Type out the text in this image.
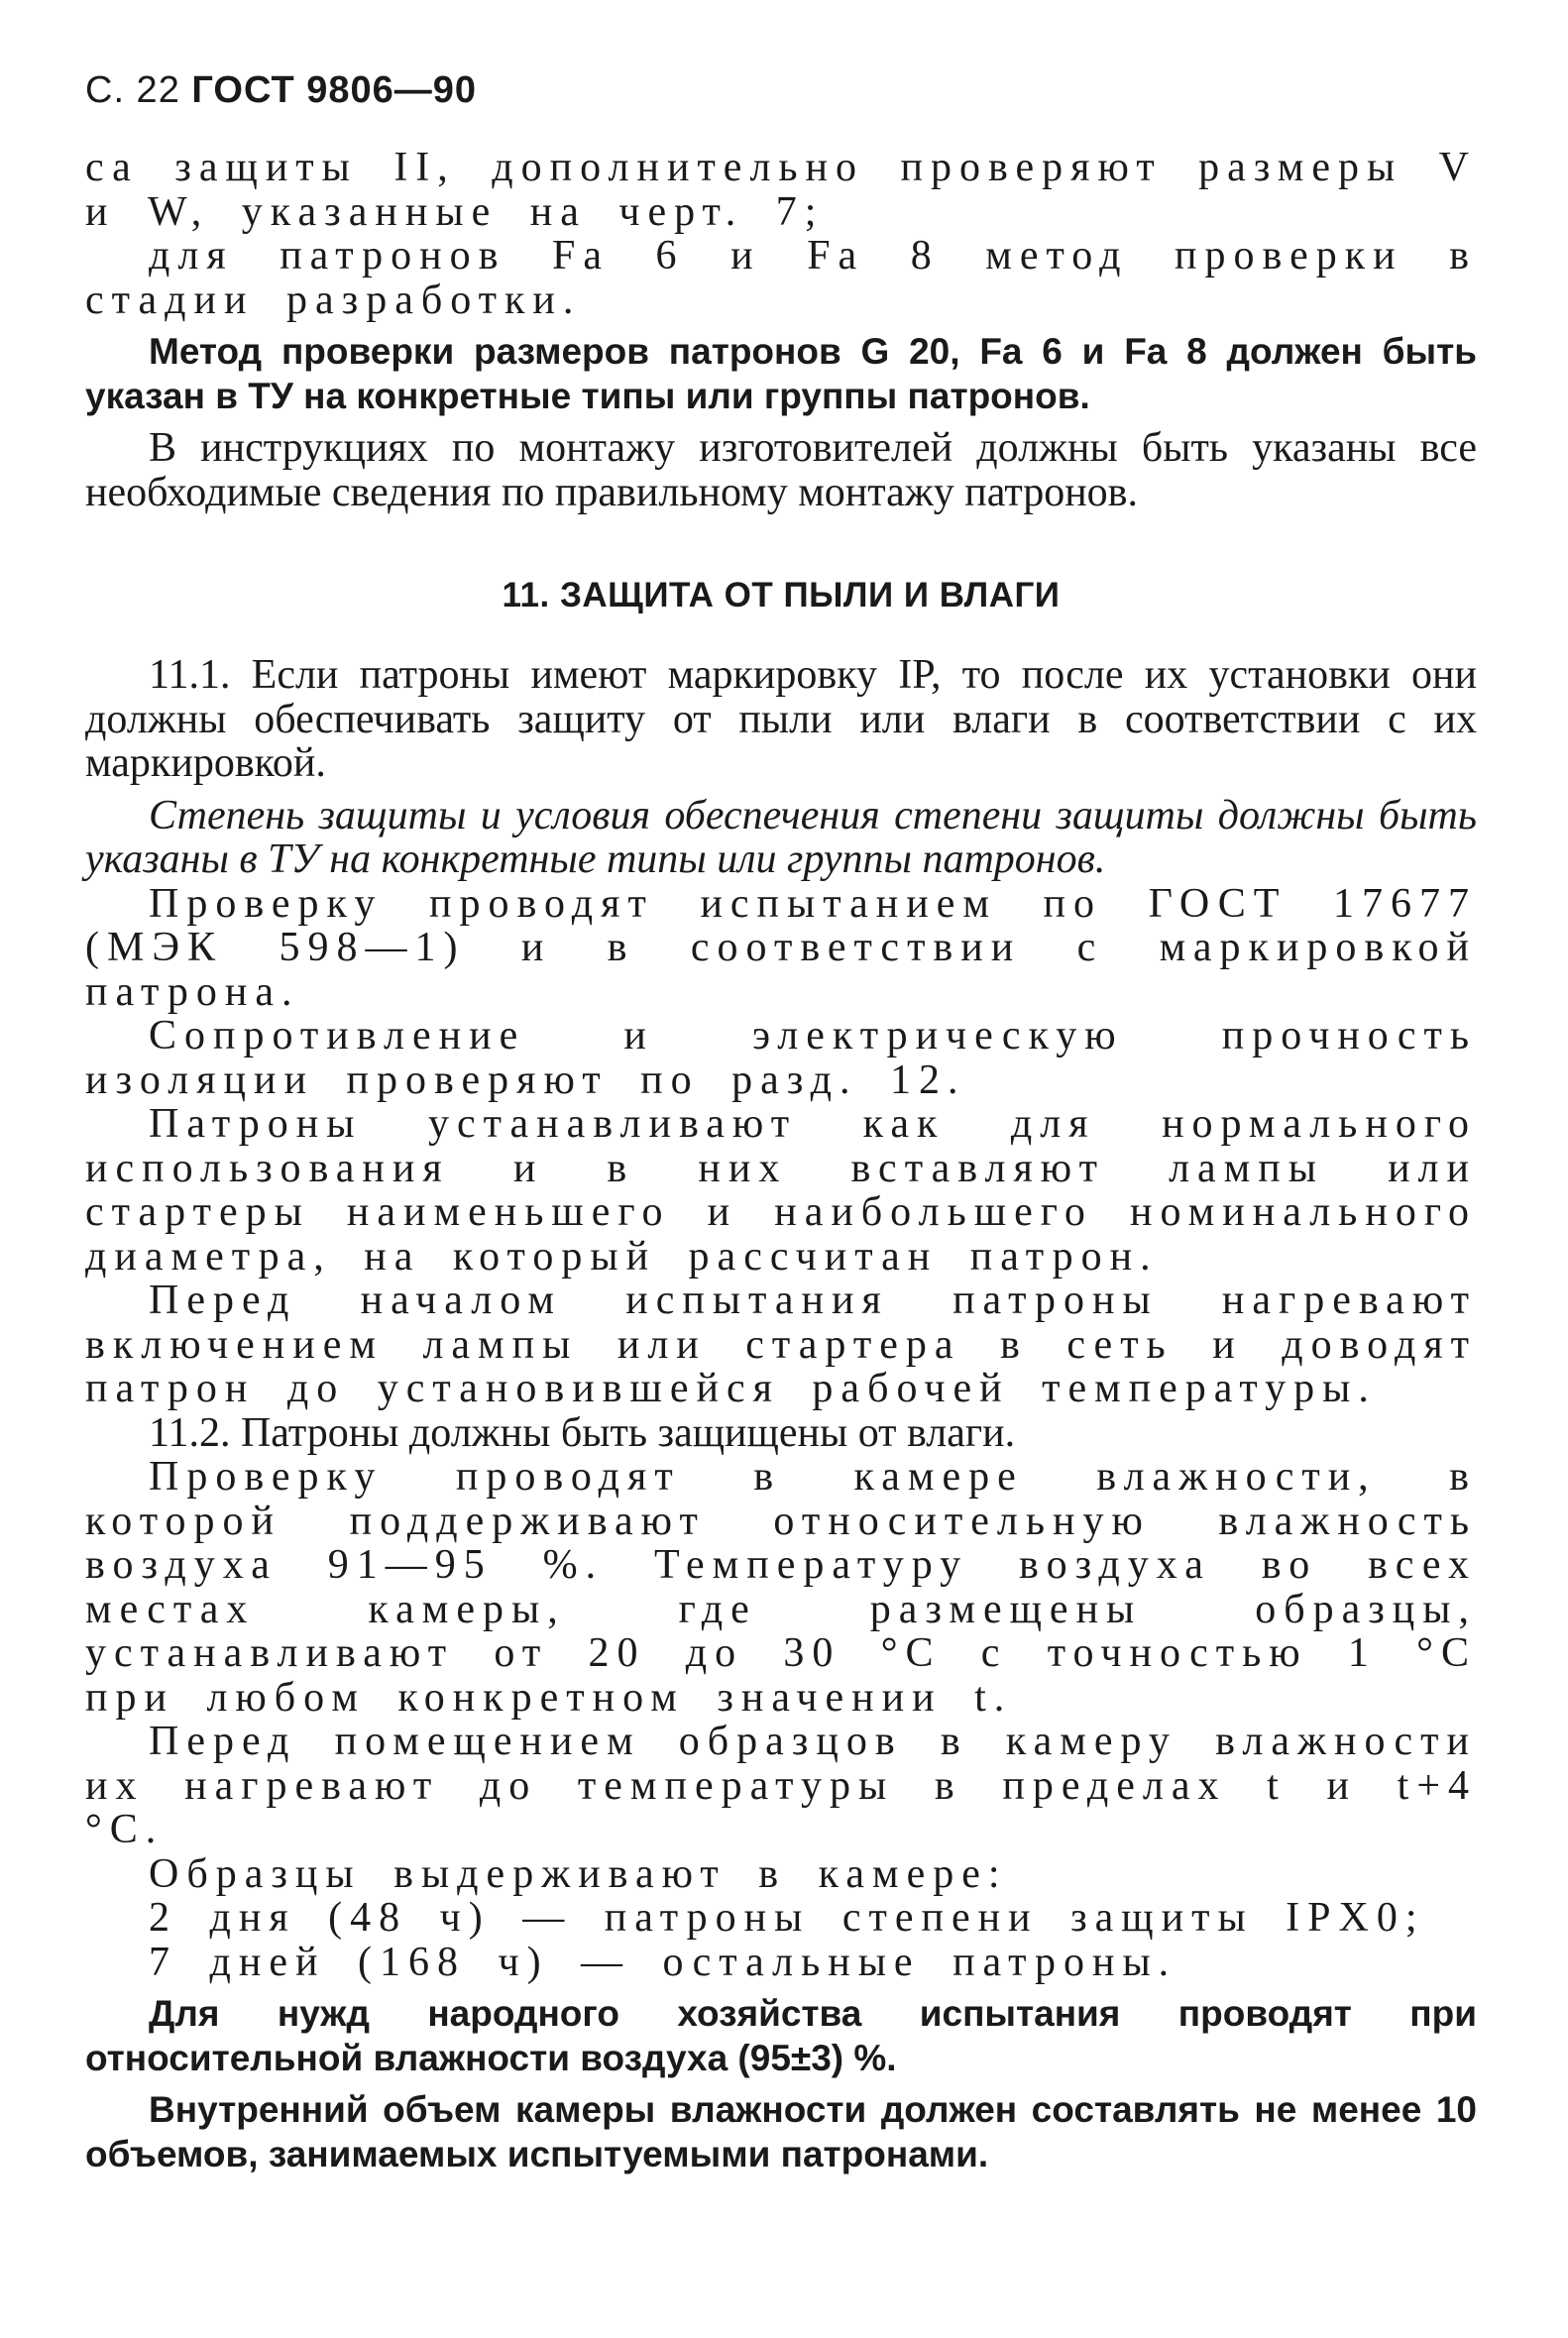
С. 22 ГОСТ 9806—90

са защиты II, дополнительно проверяют размеры V и W, указанные на черт. 7;

для патронов Fa 6 и Fa 8 метод проверки в стадии разработки.

Метод проверки размеров патронов G 20, Fa 6 и Fa 8 должен быть указан в ТУ на конкретные типы или группы патронов.

В инструкциях по монтажу изготовителей должны быть указаны все необходимые сведения по правильному монтажу патронов.

11. ЗАЩИТА ОТ ПЫЛИ И ВЛАГИ

11.1. Если патроны имеют маркировку IP, то после их установки они должны обеспечивать защиту от пыли или влаги в соответствии с их маркировкой.

Степень защиты и условия обеспечения степени защиты должны быть указаны в ТУ на конкретные типы или группы патронов.

Проверку проводят испытанием по ГОСТ 17677 (МЭК 598—1) и в соответствии с маркировкой патрона.

Сопротивление и электрическую прочность изоляции проверяют по разд. 12.

Патроны устанавливают как для нормального использования и в них вставляют лампы или стартеры наименьшего и наибольшего номинального диаметра, на который рассчитан патрон.

Перед началом испытания патроны нагревают включением лампы или стартера в сеть и доводят патрон до установившейся рабочей температуры.

11.2. Патроны должны быть защищены от влаги.

Проверку проводят в камере влажности, в которой поддерживают относительную влажность воздуха 91—95 %. Температуру воздуха во всех местах камеры, где размещены образцы, устанавливают от 20 до 30 °С с точностью 1 °С при любом конкретном значении t.

Перед помещением образцов в камеру влажности их нагревают до температуры в пределах t и t+4 °С.

Образцы выдерживают в камере:

2 дня (48 ч) — патроны степени защиты IPX0;

7 дней (168 ч) — остальные патроны.

Для нужд народного хозяйства испытания проводят при относительной влажности воздуха (95±3) %.

Внутренний объем камеры влажности должен составлять не менее 10 объемов, занимаемых испытуемыми патронами.
